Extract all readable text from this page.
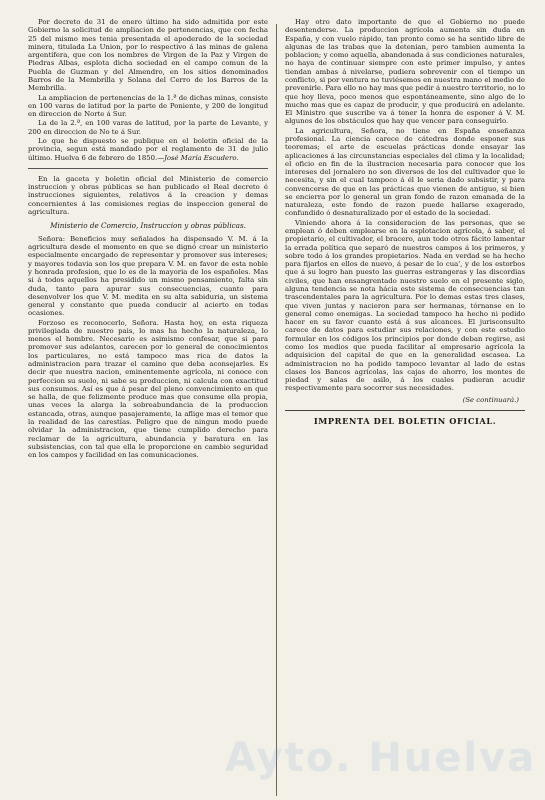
Por decreto de 31 de enero último ha sido admitida por este Gobierno la solicitud de ampliacion de pertenencias, que con fecha 25 del mismo mes tenia presentada el apoderado de la sociedad minera, titulada La Union, por lo respectivo á las minas de galena argentífera, que con los nombres de Virgen de la Paz y Virgen de Piedras Albas, esplota dicha sociedad en el campo comun de la Puebla de Guzman y del Almendro, en los sitios denominados Barros de la Membrilla y Solana del Cerro de los Barros de la Membrilla.

La ampliacion de pertenencias de la 1.ª de dichas minas, consiste en 100 varas de latitud por la parte de Poniente, y 200 de longitud en direccion de Norte á Sur.

La de la 2.ª, en 100 varas de latitud, por la parte de Levante, y 200 en direccion de No te á Sur.

Lo que he dispuesto se publique en el boletin oficial de la provincia, segun está mandado por el reglamento de 31 de julio último. Huelva 6 de febrero de 1850.—José María Escudero.

En la gaceta y boletin oficial del Ministerio de comercio instruccion y obras públicas se han publicado el Real decreto é instrucciones siguientes, relativos á la creacion y demas concernientes á las comisiones regias de inspeccion general de agricultura.

Ministerio de Comercio, Instruccion y obras públicas.

Señora: Beneficios muy señalados ha dispensado V. M. á la agricultura desde el momento en que se dignó crear un ministerio especialmente encargado de representar y promover sus intereses; y mayores todavia son los que prepara V. M. en favor de esta noble y honrada profesion, que lo es de la mayoria de los españoles. Mas si á todos aquellos ha presidido un mismo pensamiento, falta sin duda, tanto para apurar sus consecuencias, cuanto para desenvolver los que V. M. medita en su alta sabiduria, un sistema general y constante que pueda conducir al acierto en todas ocasiones.

Forzoso es reconocerlo, Señora. Hasta hoy, en esta riqueza privilegiada de nuestro pais, lo mas ha hecho la naturaleza, lo menos el hombre. Necesario es asimismo confesar, que si para promover sus adelantos, carecen por lo general de conocimientos los particulares, no está tampoco mas rica de datos la administracion para trazar el camino que deba aconsejarles. Es decir que nuestra nacion, eminentemente agrícola, ni conoce con perfeccion su suelo, ni sabe su produccion, ni calcula con exactitud sus consumos. Así es que á pesar del pleno convencimiento en que se halla, de que felizmente produce mas que consume ella propia, unas veces la alarga la sobreabundancia de la produccion estancada, otras, aunque pasajeramente, la aflige mas el temor que la realidad de las carestías. Peligro que de ningun modo puede olvidar la administracion, que tiene cumplido derecho para reclamar de la agricultura, abundancia y baratura en las subsistencias, con tal que ella le proporcione en cambio seguridad en los campos y facilidad en las comunicaciones.

Hay otro dato importante de que el Gobierno no puede desentenderse. La produccion agrícola aumenta sin duda en España, y con vuelo rápido, tan pronto como se ha sentido libre de algunas de las trabas que la detenian, pero tambien aumenta la poblacion; y como aquella, abandonada á sus condiciones naturales, no haya de continuar siempre con este primer impulso, y antes tiendan ambas á nivelarse, pudiera sobrevenir con el tiempo un conflicto, si por ventura no tuviésemos en nuestra mano el medio de prevenirle. Para ello no hay mas que pedir á nuestro territorio, no lo que hoy lleva, poco menos que espontáneamente, sino algo de lo mucho mas que es capaz de producir, y que producirá en adelante. El Ministro que suscribe va á tener la honra de esponer á V. M. algunos de los obstáculos que hay que vencer para conseguirlo.

La agricultura, Señora, no tiene en España enseñanza profesional. La ciencia carece de cátedras donde esponer sus teoremas; el arte de escuelas prácticas donde ensayar las aplicaciones á las circunstancias especiales del clima y la localidad; el oficio en fin de la ilustracion necesaria para conocer que los intereses del jornalero no son diversos de los del cultivador que le necesita, y sin el cual tampoco á él le seria dado subsistir, y para convencerse de que en las prácticas que vienen de antiguo, si bien se encierra por lo general un gran fondo de razon emanada de la naturaleza, este fondo de razon puede hallarse exagerado, confundido ó desnaturalizado por el estado de la sociedad.

Viniendo ahora á la consideracion de las personas, que se emplean ó deben emplearse en la esplotacion agrícola, á saber, el propietario, el cultivador, el bracero, aun todo otros fácito lamentar la errada política que separó de nuestros campos á los primeros, y sobre todo á los grandes propietarios. Nada en verdad se ha hecho para fijarlos en ellos de nuevo, á pesar de lo cua', y de los estorbos que á su logro han puesto las guerras estrangeras y las discordias civiles, que han ensangrentado nuestro suelo en el presente siglo, alguna tendencia se nota hácia este sistema de consecuencias tan trascendentales para la agricultura. Por lo demas estas tres clases, que viven juntas y nacieron para ser hermanas, tórnanse en lo general como enemigas. La sociedad tampoco ha hecho ni podido hacer en su favor cuanto está á sus alcances. El jurisconsulto carece de datos para estudiar sus relaciones, y con este estudio formular en los códigos los principios por donde deban regirse, asi como los medios que pueda facilitar al empresario agrícola la adquisicion del capital de que en la generalidad escasea. La administracion no ha podido tampoco levantar al lado de estas clases los Bancos agrícolas, las cajas de ahorro, los montes de piedad y salas de asilo, á los cuales pudieran acudir respectivamente para socorrer sus necesidades.

(Se continuará.)
IMPRENTA DEL BOLETIN OFICIAL.
Ayto. Huelva
